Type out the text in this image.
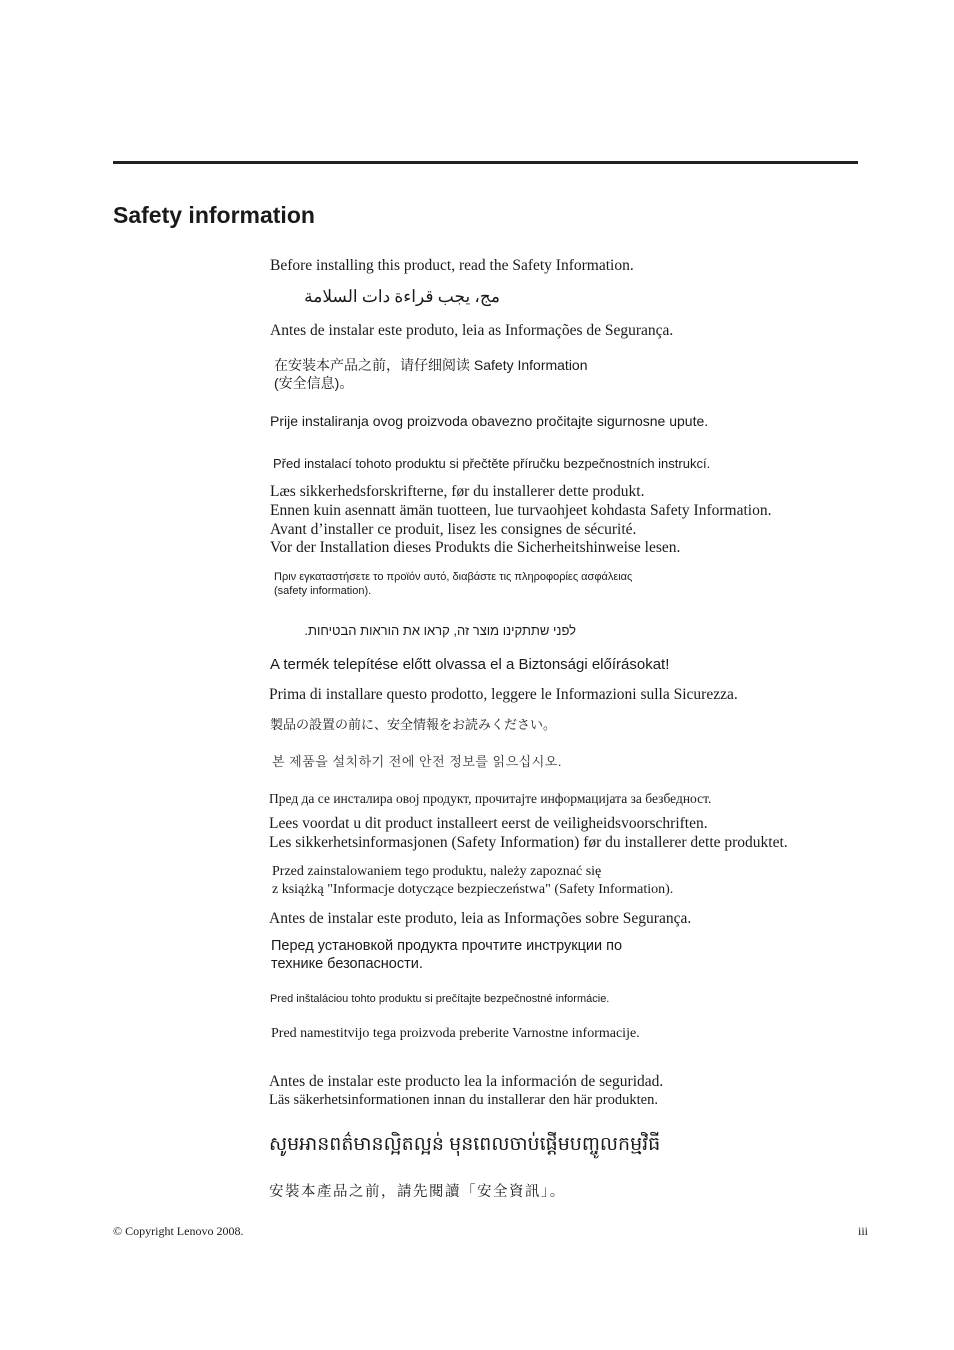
Safety information
Before installing this product, read the Safety Information.
مج، يجب قراءة دات السلامة
Antes de instalar este produto, leia as Informações de Segurança.
在安装本产品之前，请仔细阅读 Safety Information
(安全信息)。
Prije instaliranja ovog proizvoda obavezno pročitajte sigurnosne upute.
Před instalací tohoto produktu si přečtěte příručku bezpečnostních instrukcí.
Læs sikkerhedsforskrifterne, før du installerer dette produkt.
Ennen kuin asennatt ämän tuotteen, lue turvaohjeet kohdasta Safety Information.
Avant d’installer ce produit, lisez les consignes de sécurité.
Vor der Installation dieses Produkts die Sicherheitshinweise lesen.
Πριν εγκαταστήσετε το προϊόν αυτό, διαβάστε τις πληροφορίες ασφάλειας
(safety information).
לפני שתתקינו מוצר זה, קראו את הוראות הבטיחות.
A termék telepítése előtt olvassa el a Biztonsági előírásokat!
Prima di installare questo prodotto, leggere le Informazioni sulla Sicurezza.
製品の設置の前に、安全情報をお読みください。
본 제품을 설치하기 전에 안전 정보를 읽으십시오.
Пред да се инсталира овој продукт, прочитајте информацијата за безбедност.
Lees voordat u dit product installeert eerst de veiligheidsvoorschriften.
Les sikkerhetsinformasjonen (Safety Information) før du installerer dette produktet.
Przed zainstalowaniem tego produktu, należy zapoznać się
z książką "Informacje dotyczące bezpieczeństwa" (Safety Information).
Antes de instalar este produto, leia as Informações sobre Segurança.
Перед установкой продукта прочтите инструкции по
технике безопасности.
Pred inštaláciou tohto produktu si prečítajte bezpečnostné informácie.
Pred namestitvijo tega proizvoda preberite Varnostne informacije.
Antes de instalar este producto lea la información de seguridad.
Läs säkerhetsinformationen innan du installerar den här produkten.
សូមអានពត៌មានល្អិតល្អន់ មុនពេលចាប់ផ្តើមបញ្ចូលកម្មវិធី
安裝本產品之前，請先閱讀「安全資訊」。
© Copyright Lenovo 2008.	iii
